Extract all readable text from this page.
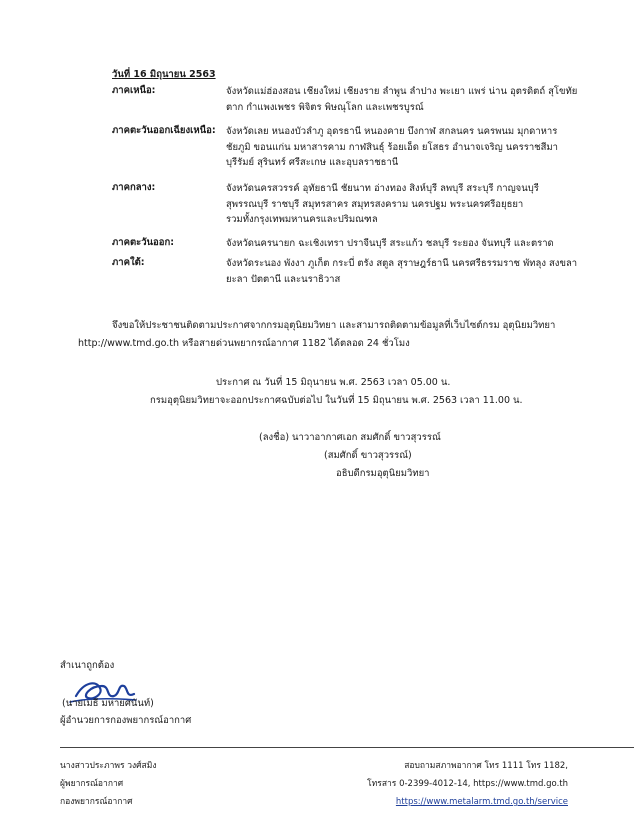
วันที่ 16 มิถุนายน 2563
ภาคเหนือ:	จังหวัดแม่ฮ่องสอน เชียงใหม่ เชียงราย ลำพูน ลำปาง พะเยา แพร่ น่าน อุตรดิตถ์ สุโขทัย
ตาก กำแพงเพชร พิจิตร พิษณุโลก และเพชรบูรณ์
ภาคตะวันออกเฉียงเหนือ: จังหวัดเลย หนองบัวลำภู อุดรธานี หนองคาย บึงกาฬ สกลนคร นครพนม มุกดาหาร
ชัยภูมิ ขอนแก่น มหาสารคาม กาฬสินธุ์ ร้อยเอ็ด ยโสธร อำนาจเจริญ นครราชสีมา
บุรีรัมย์ สุรินทร์ ศรีสะเกษ และอุบลราชธานี
ภาคกลาง:	จังหวัดนครสวรรค์ อุทัยธานี ชัยนาท อ่างทอง สิงห์บุรี ลพบุรี สระบุรี กาญจนบุรี
สุพรรณบุรี ราชบุรี สมุทรสาคร สมุทรสงคราม นครปฐม พระนครศรีอยุธยา
รวมทั้งกรุงเทพมหานครและปริมณฑล
ภาคตะวันออก:	จังหวัดนครนายก ฉะเชิงเทรา ปราจีนบุรี สระแก้ว ชลบุรี ระยอง จันทบุรี และตราด
ภาคใต้:	จังหวัดระนอง พังงา ภูเก็ต กระบี่ ตรัง สตูล สุราษฎร์ธานี นครศรีธรรมราช พัทลุง สงขลา
ยะลา ปัตตานี และนราธิวาส
จึงขอให้ประชาชนติดตามประกาศจากกรมอุตุนิยมวิทยา และสามารถติดตามข้อมูลที่เว็บไซต์กรม อุตุนิยมวิทยา
http://www.tmd.go.th หรือสายด่วนพยากรณ์อากาศ 1182 ได้ตลอด 24 ชั่วโมง
ประกาศ ณ วันที่ 15 มิถุนายน พ.ศ. 2563 เวลา 05.00 น.
กรมอุตุนิยมวิทยาจะออกประกาศฉบับต่อไป ในวันที่ 15 มิถุนายน พ.ศ. 2563 เวลา 11.00 น.
(ลงชื่อ) นาวาอากาศเอก สมศักดิ์ ขาวสุวรรณ์
(สมศักดิ์ ขาวสุวรรณ์)
อธิบดีกรมอุตุนิยมวิทยา
สำเนาถูกต้อง
(นายเมธี มหายศนันท์)
ผู้อำนวยการกองพยากรณ์อากาศ
นางสาวประภาพร วงศ์สมิง
ผู้พยากรณ์อากาศ
กองพยากรณ์อากาศ
สอบถามสภาพอากาศ โทร 1111 โทร 1182,
โทรสาร 0-2399-4012-14, https://www.tmd.go.th
https://www.metalarm.tmd.go.th/service
